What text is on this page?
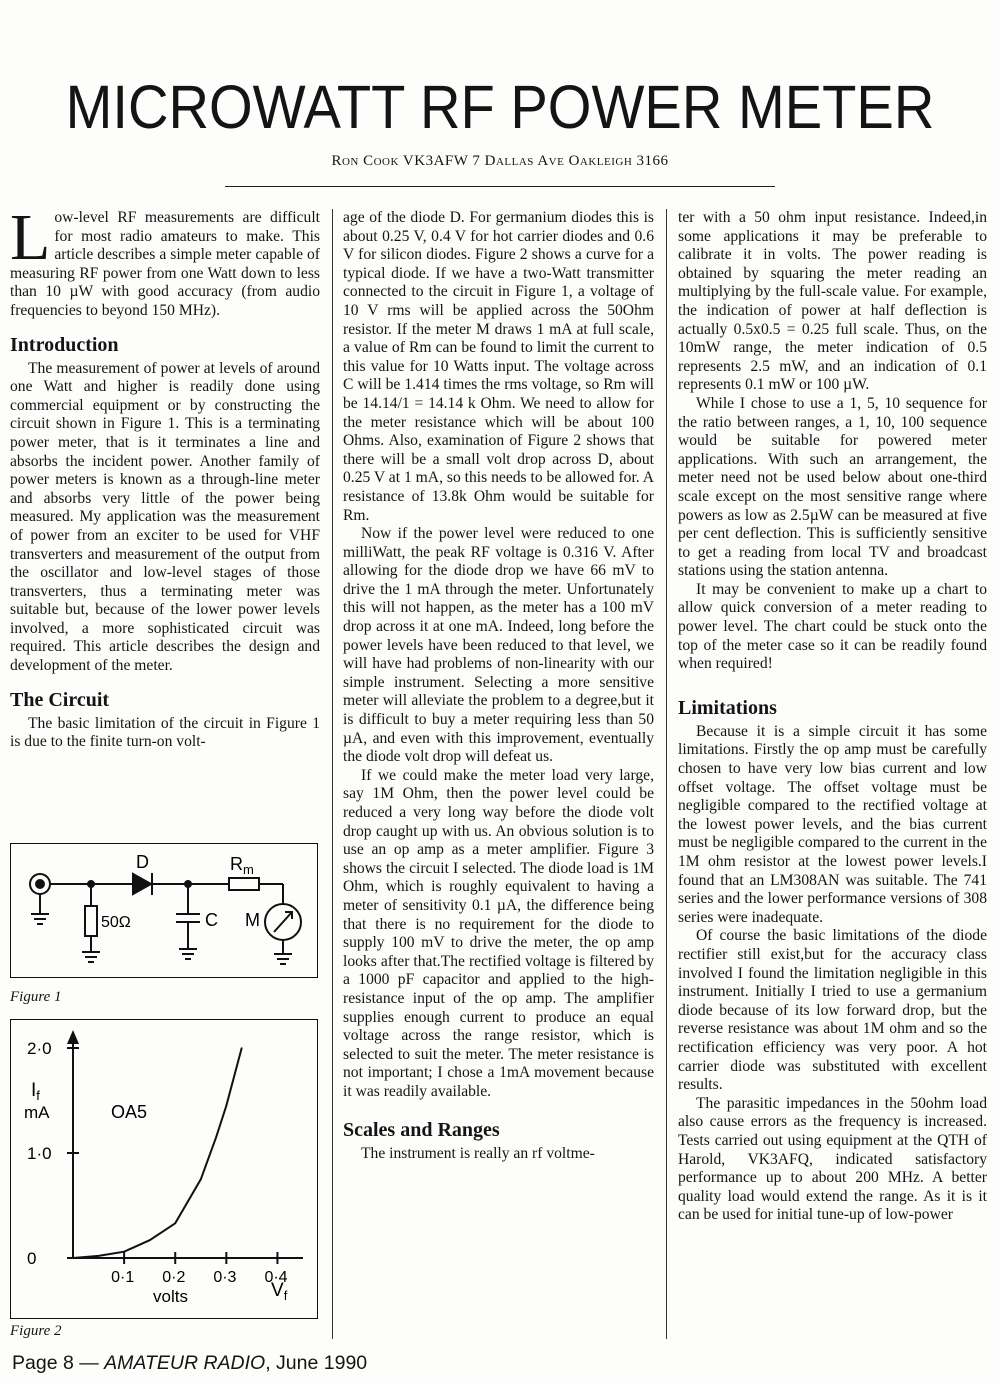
MICROWATT RF POWER METER
Ron Cook VK3AFW 7 Dallas Ave Oakleigh 3166

Low-level RF measurements are difficult for most radio amateurs to make. This article describes a simple meter capable of measuring RF power from one Watt down to less than 10 µW with good accuracy (from audio frequencies to beyond 150 MHz).

Introduction

The measurement of power at levels of around one Watt and higher is readily done using commercial equipment or by constructing the circuit shown in Figure 1. This is a terminating power meter, that is it terminates a line and absorbs the incident power. Another family of power meters is known as a through-line meter and absorbs very little of the power being measured. My application was the measurement of power from an exciter to be used for VHF transverters and measurement of the output from the oscillator and low-level stages of those transverters, thus a terminating meter was suitable but, because of the lower power levels involved, a more sophisticated circuit was required. This article describes the design and development of the meter.

The Circuit

The basic limitation of the circuit in Figure 1 is due to the finite turn-on volt-

D	$R_m$
50Ω	C M
Figure 1
0
1·0
2·0
0·1 0·2 0·3 0·4
$I_f$
mA	OA5
volts	$V_f$
Figure 2

age of the diode D. For germanium diodes this is about 0.25 V, 0.4 V for hot carrier diodes and 0.6 V for silicon diodes. Figure 2 shows a curve for a typical diode. If we have a two-Watt transmitter connected to the circuit in Figure 1, a voltage of 10 V rms will be applied across the 50Ohm resistor. If the meter M draws 1 mA at full scale, a value of Rm can be found to limit the current to this value for 10 Watts input. The voltage across C will be 1.414 times the rms voltage, so Rm will be 14.14/1 = 14.14 k Ohm. We need to allow for the meter resistance which will be about 100 Ohms. Also, examination of Figure 2 shows that there will be a small volt drop across D, about 0.25 V at 1 mA, so this needs to be allowed for. A resistance of 13.8k Ohm would be suitable for Rm.

Now if the power level were reduced to one milliWatt, the peak RF voltage is 0.316 V. After allowing for the diode drop we have 66 mV to drive the 1 mA through the meter. Unfortunately this will not happen, as the meter has a 100 mV drop across it at one mA. Indeed, long before the power levels have been reduced to that level, we will have had problems of non-linearity with our simple instrument. Selecting a more sensitive meter will alleviate the problem to a degree,but it is difficult to buy a meter requiring less than 50 µA, and even with this improvement, eventually the diode volt drop will defeat us.

If we could make the meter load very large, say 1M Ohm, then the power level could be reduced a very long way before the diode volt drop caught up with us. An obvious solution is to use an op amp as a meter amplifier. Figure 3 shows the circuit I selected. The diode load is 1M Ohm, which is roughly equivalent to having a meter of sensitivity 0.1 µA, the difference being that there is no requirement for the diode to supply 100 mV to drive the meter, the op amp looks after that.The rectified voltage is filtered by a 1000 pF capacitor and applied to the high-resistance input of the op amp. The amplifier supplies enough current to produce an equal voltage across the range resistor, which is selected to suit the meter. The meter resistance is not important; I chose a 1mA movement because it was readily available.

Scales and Ranges

The instrument is really an rf voltme-

ter with a 50 ohm input resistance. Indeed,in some applications it may be preferable to calibrate it in volts. The power reading is obtained by squaring the meter reading an multiplying by the full-scale value. For example, the indication of power at half deflection is actually 0.5x0.5 = 0.25 full scale. Thus, on the 10mW range, the meter indication of 0.5 represents 2.5 mW, and an indication of 0.1 represents 0.1 mW or 100 µW.

While I chose to use a 1, 5, 10 sequence for the ratio between ranges, a 1, 10, 100 sequence would be suitable for powered meter applications. With such an arrangement, the meter need not be used below about one-third scale except on the most sensitive range where powers as low as 2.5µW can be measured at five per cent deflection. This is sufficiently sensitive to get a reading from local TV and broadcast stations using the station antenna.

It may be convenient to make up a chart to allow quick conversion of a meter reading to power level. The chart could be stuck onto the top of the meter case so it can be readily found when required!

Limitations

Because it is a simple circuit it has some limitations. Firstly the op amp must be carefully chosen to have very low bias current and low offset voltage. The offset voltage must be negligible compared to the rectified voltage at the lowest power levels, and the bias current must be negligible compared to the current in the 1M ohm resistor at the lowest power levels.I found that an LM308AN was suitable. The 741 series and the lower performance versions of 308 series were inadequate.

Of course the basic limitations of the diode rectifier still exist,but for the accuracy class involved I found the limitation negligible in this instrument. Initially I tried to use a germanium diode because of its low forward drop, but the reverse resistance was about 1M ohm and so the rectification efficiency was very poor. A hot carrier diode was substituted with excellent results.

The parasitic impedances in the 50ohm load also cause errors as the frequency is increased. Tests carried out using equipment at the QTH of Harold, VK3AFQ, indicated satisfactory performance up to about 200 MHz. A better quality load would extend the range. As it is it can be used for initial tune-up of low-power

Page 8 — AMATEUR RADIO, June 1990
